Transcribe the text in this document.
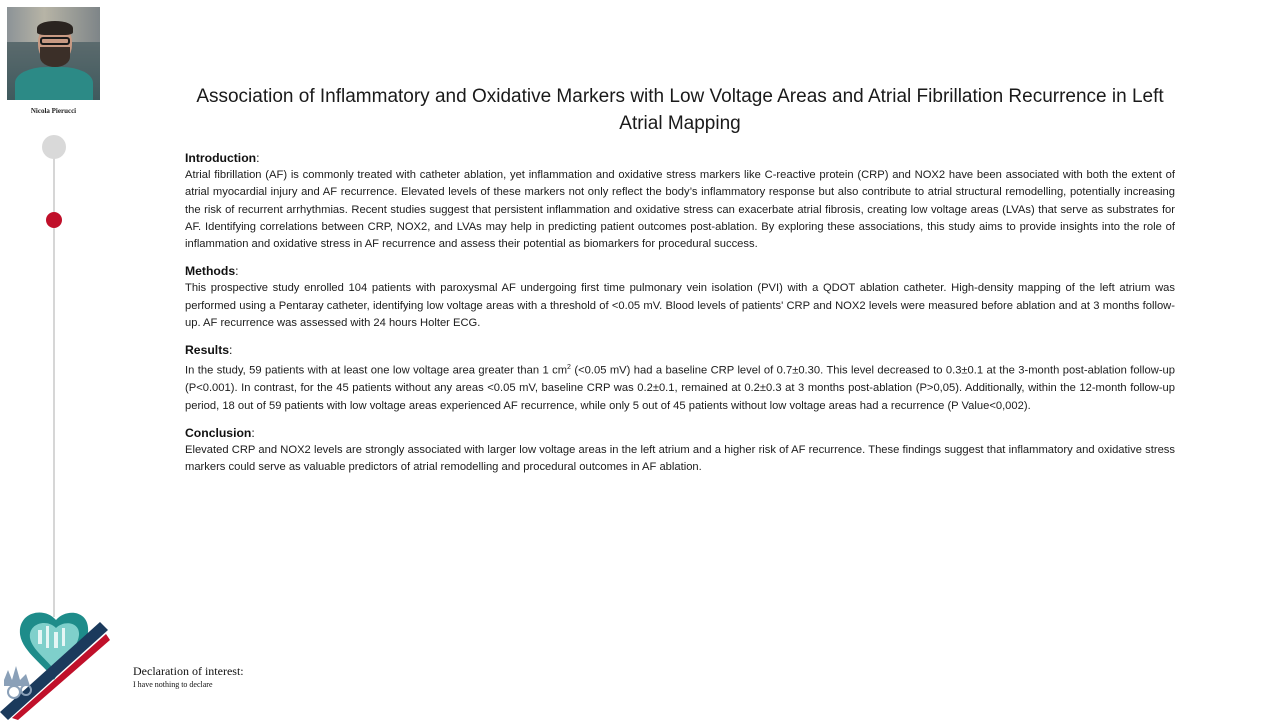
Nicola Pierucci
Association of Inflammatory and Oxidative Markers with Low Voltage Areas and Atrial Fibrillation Recurrence in Left Atrial Mapping
Introduction:

Atrial fibrillation (AF) is commonly treated with catheter ablation, yet inflammation and oxidative stress markers like C-reactive protein (CRP) and NOX2 have been associated with both the extent of atrial myocardial injury and AF recurrence. Elevated levels of these markers not only reflect the body’s inflammatory response but also contribute to atrial structural remodelling, potentially increasing the risk of recurrent arrhythmias. Recent studies suggest that persistent inflammation and oxidative stress can exacerbate atrial fibrosis, creating low voltage areas (LVAs) that serve as substrates for AF. Identifying correlations between CRP, NOX2, and LVAs may help in predicting patient outcomes post-ablation. By exploring these associations, this study aims to provide insights into the role of inflammation and oxidative stress in AF recurrence and assess their potential as biomarkers for procedural success.

Methods:

This prospective study enrolled 104 patients with paroxysmal AF undergoing first time pulmonary vein isolation (PVI) with a QDOT ablation catheter. High-density mapping of the left atrium was performed using a Pentaray catheter, identifying low voltage areas with a threshold of <0.05 mV. Blood levels of patients' CRP and NOX2 levels were measured before ablation and at 3 months follow-up. AF recurrence was assessed with 24 hours Holter ECG.

Results:

In the study, 59 patients with at least one low voltage area greater than 1 $cm^2$ (<0.05 mV) had a baseline CRP level of 0.7±0.30. This level decreased to 0.3±0.1 at the 3-month post-ablation follow-up (P<0.001). In contrast, for the 45 patients without any areas <0.05 mV, baseline CRP was 0.2±0.1, remained at 0.2±0.3 at 3 months post-ablation (P>0,05). Additionally, within the 12-month follow-up period, 18 out of 59 patients with low voltage areas experienced AF recurrence, while only 5 out of 45 patients without low voltage areas had a recurrence (P Value<0,002).

Conclusion:

Elevated CRP and NOX2 levels are strongly associated with larger low voltage areas in the left atrium and a higher risk of AF recurrence. These findings suggest that inflammatory and oxidative stress markers could serve as valuable predictors of atrial remodelling and procedural outcomes in AF ablation.

Declaration of interest:
I have nothing to declare
